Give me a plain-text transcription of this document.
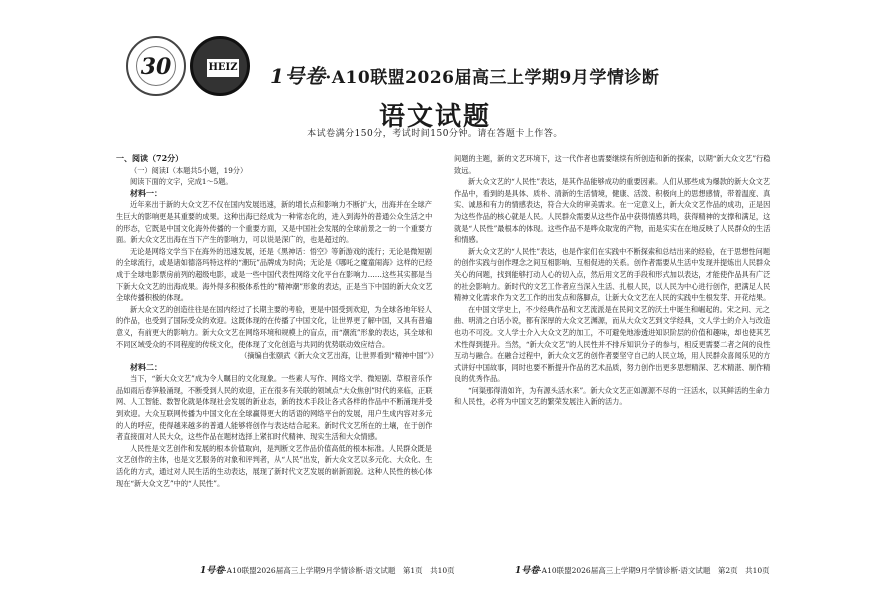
30	HEIZ 1号卷·A10联盟2026届高三上学期9月学情诊断
语文试题
本试卷满分150分，考试时间150分钟。请在答题卡上作答。

一、阅读（72分）

（一）阅读Ⅰ（本题共5小题，19分）

阅读下面的文字，完成1～5题。

材料一：

近年来出于新的大众文艺不仅在国内发展迅速，新的增长点和影响力不断扩大，出海并在全球产生巨大的影响更是其重要的成果。这种出海已经成为一种常态化的，进入到海外的普通公众生活之中的形态，它既是中国文化海外传播的一个重要方面，又是中国社会发展的全球前景之一的一个重要方面。新大众文艺出海在当下产生的影响力，可以说是深广的，也是超过的。

无论是网络文学当下在海外的迅速发展，还是《黑神话：悟空》等新游戏的流行；无论是微短剧的全球流行，或是诸如德洛玛特这样的“潮玩”品牌成为时尚；无论是《哪吒之魔童闹海》这样的已经成于全球电影票房前列的超级电影，或是一些中国代表性网络文化平台在影响力……这些其实都是当下新大众文艺的出海成果。海外得多积极体系性的“精神潮”形象的表达，正是当下中国的新大众文艺全球传播积极的体现。

新大众文艺的创造往往是在国内经过了长期主要的考验，更是中国受到欢迎，为全球各地年轻人的作品，也受到了国际受众的欢迎。这既体现的在传播了中国文化，让世界更了解中国，又具有普遍意义，有前更大的影响力。新大众文艺在网络环境和规模上的盲点，而“潮流”形象的表达，其全球和不同区域受众的不同程度的传统文化，使体现了文化创造与共同的优势联动效应结合。

（摘编自张颐武《新大众文艺出海，让世界看到“精神中国”》）

材料二：

当下，“新大众文艺”成为令人瞩目的文化现象。一些素人写作、网络文学、微短剧、草根音乐作品如雨后春笋般涌现，不断受到人民的欢迎，正在很多有关联的领域点“大众焦创”时代的来临，正联网、人工智能、数智化就是体现社会发展的新业态，新的技术手段让各式各样的作品中不断涌现并受到欢迎。大众互联网传播为中国文化在全球赢得更大的话语的网络平台的发展，用户生成内容对多元的人的呼应，使得越来越多的普通人能够将创作与表达结合起来。新时代文艺所在的土壤，在于创作者直接面对人民大众，这些作品在题材选择上紧扣时代精神、现实生活和大众情感。

人民性是文艺创作和发展的根本价值取向，是判断文艺作品价值高低的根本标准。人民群众既是文艺创作的主体，也是文艺服务的对象和评判者，从“人民”出发，新大众文艺以多元化、大众化、生活化的方式，通过对人民生活的生动表达，展现了新时代文艺发展的崭新面貌。这种人民性的核心体现在“新大众文艺”中的“人民性”。

间题的主题，新的文艺环境下，这一代作者也需要继续有所创造和新的探索，以期“新大众文艺”行稳致远。

新大众文艺的“人民性”表达，是其作品能够成功的重要因素。人们从那些成为爆款的新大众文艺作品中，看到的是具体、质朴、清新的生活情境，健康、活泼、积极向上的思想感情，带着温度、真实、诚恳和有力的情感表达，符合大众的审美需求。在一定意义上，新大众文艺作品的成功，正是因为这些作品的核心就是人民。人民群众需要从这些作品中获得情感共鸣，获得精神的支撑和满足，这就是“人民性”最根本的体现。这些作品不是哗众取宠的产物，而是实实在在地反映了人民群众的生活和情感。

新大众文艺的“人民性”表达，也是作家们在实践中不断探索和总结出来的经验，在于思想性问题的创作实践与创作理念之间互相影响、互相促进的关系。创作者需要从生活中发现并提炼出人民群众关心的问题，找到能够打动人心的切入点，然后用文艺的手段和形式加以表达，才能使作品具有广泛的社会影响力。新时代的文艺工作者应当深入生活、扎根人民，以人民为中心进行创作，把满足人民精神文化需求作为文艺工作的出发点和落脚点，让新大众文艺在人民的实践中生根发芽、开花结果。

在中国文学史上，不少经典作品和文艺流派是在民间文艺的沃土中诞生和崛起的。宋之问、元之曲、明清之白话小说，都有深厚的大众文艺渊源，而从大众文艺到文学经典，文人学士的介入与改造也功不可没。文人学士介入大众文艺的加工，不可避免地渗透进知识阶层的价值和趣味，却也使其艺术性得到提升。当然，“新大众文艺”的人民性并不排斥知识分子的参与，相反更需要二者之间的良性互动与融合。在融合过程中，新大众文艺的创作者要坚守自己的人民立场，用人民群众喜闻乐见的方式讲好中国故事，同时也要不断提升作品的艺术品质，努力创作出更多思想精深、艺术精湛、制作精良的优秀作品。

“问渠那得清如许，为有源头活水来”。新大众文艺正如源源不尽的一汪活水，以其鲜活的生命力和人民性，必将为中国文艺的繁荣发展注入新的活力。

1号卷·A10联盟2026届高三上学期9月学情诊断·语文试题　第1页　共10页	1号卷·A10联盟2026届高三上学期9月学情诊断·语文试题　第2页　共10页
